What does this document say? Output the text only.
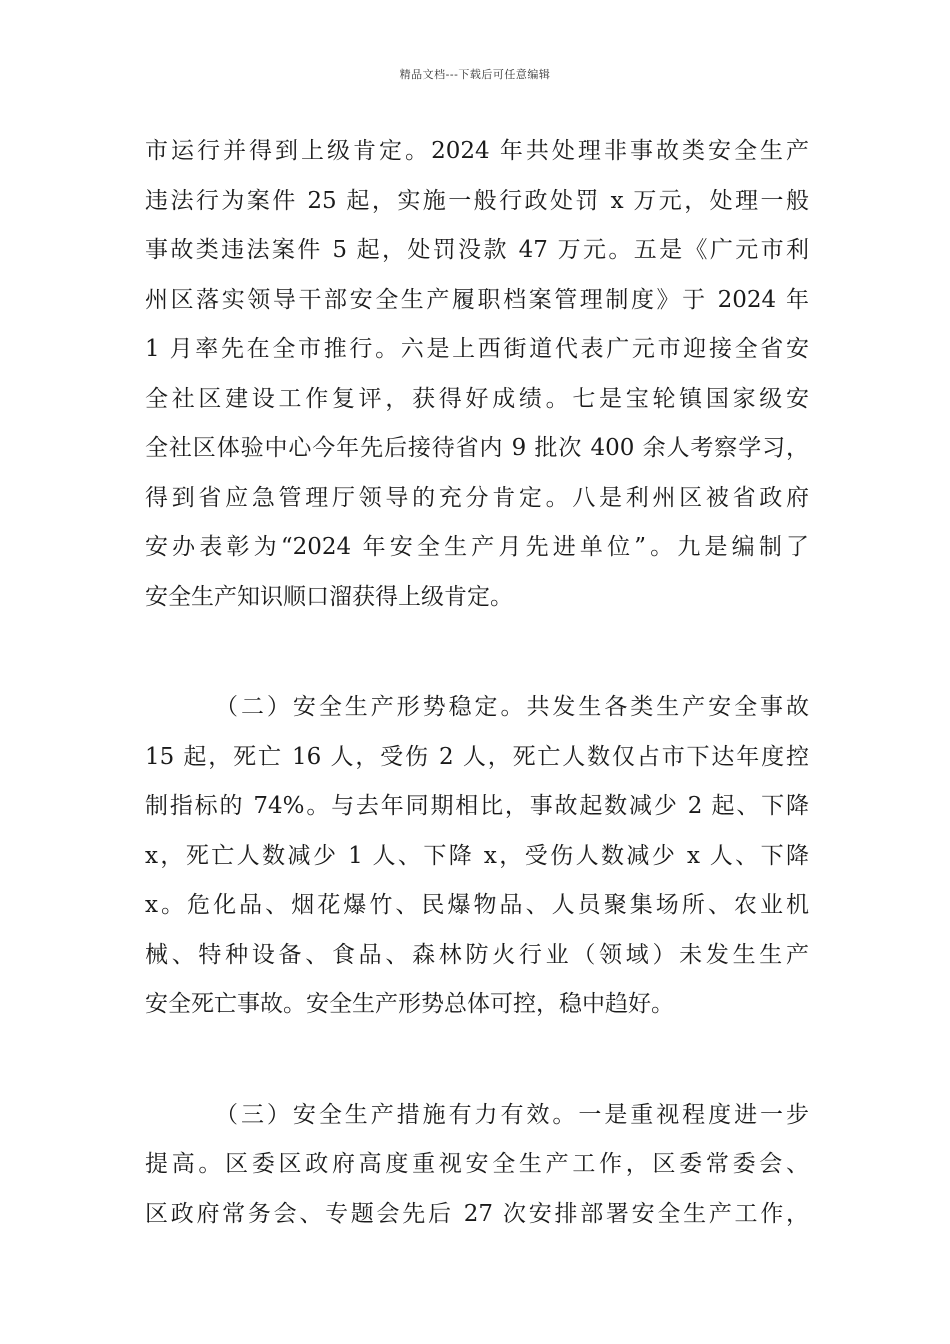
精品文档---下载后可任意编辑
市运行并得到上级肯定。2024 年共处理非事故类安全生产
违法行为案件 25 起，实施一般行政处罚 x 万元，处理一般
事故类违法案件 5 起，处罚没款 47 万元。五是《广元市利
州区落实领导干部安全生产履职档案管理制度》于 2024 年
1 月率先在全市推行。六是上西街道代表广元市迎接全省安
全社区建设工作复评，获得好成绩。七是宝轮镇国家级安
全社区体验中心今年先后接待省内 9 批次 400 余人考察学习，
得到省应急管理厅领导的充分肯定。八是利州区被省政府
安办表彰为“2024 年安全生产月先进单位”。九是编制了
安全生产知识顺口溜获得上级肯定。
（二）安全生产形势稳定。共发生各类生产安全事故
15 起，死亡 16 人，受伤 2 人，死亡人数仅占市下达年度控
制指标的 74%。与去年同期相比，事故起数减少 2 起、下降
x，死亡人数减少 1 人、下降 x，受伤人数减少 x 人、下降
x。危化品、烟花爆竹、民爆物品、人员聚集场所、农业机
械、特种设备、食品、森林防火行业（领域）未发生生产
安全死亡事故。安全生产形势总体可控，稳中趋好。
（三）安全生产措施有力有效。一是重视程度进一步
提高。区委区政府高度重视安全生产工作，区委常委会、
区政府常务会、专题会先后 27 次安排部署安全生产工作，
